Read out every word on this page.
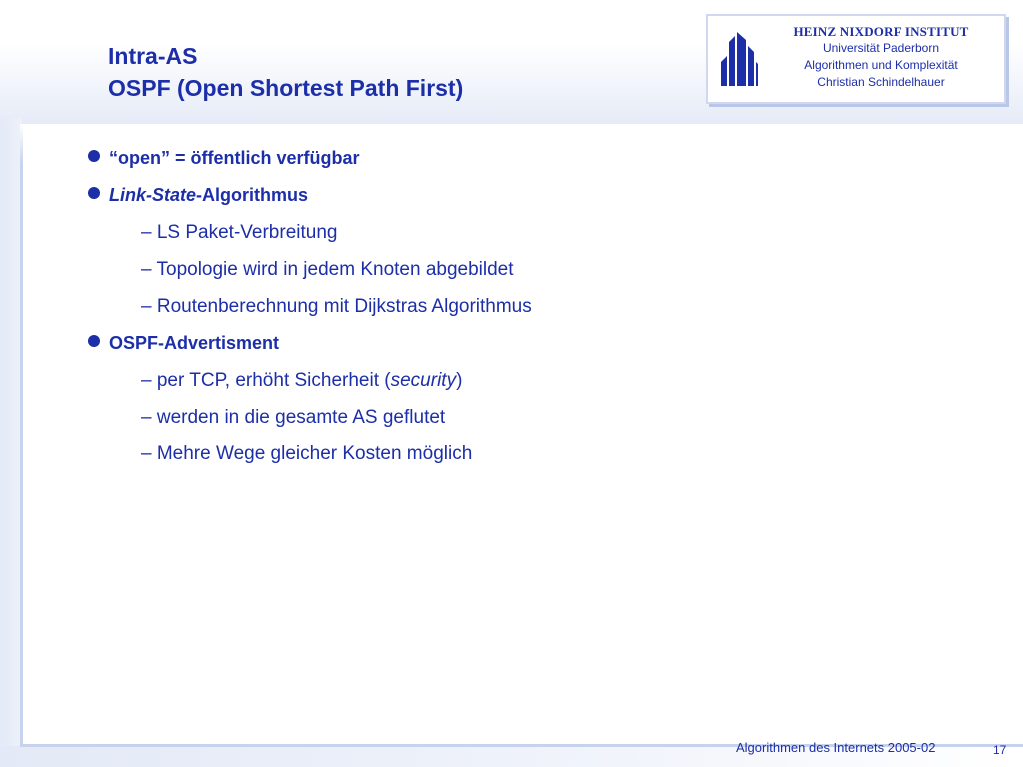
Intra-AS
OSPF (Open Shortest Path First)
HEINZ NIXDORF INSTITUT
Universität Paderborn
Algorithmen und Komplexität
Christian Schindelhauer

“open” = öffentlich verfügbar

Link-State-Algorithmus

– LS Paket-Verbreitung

– Topologie wird in jedem Knoten abgebildet

– Routenberechnung mit Dijkstras Algorithmus

OSPF-Advertisment

– per TCP, erhöht Sicherheit (security)

– werden in die gesamte AS geflutet

– Mehre Wege gleicher Kosten möglich

Algorithmen des Internets 2005-02	17
